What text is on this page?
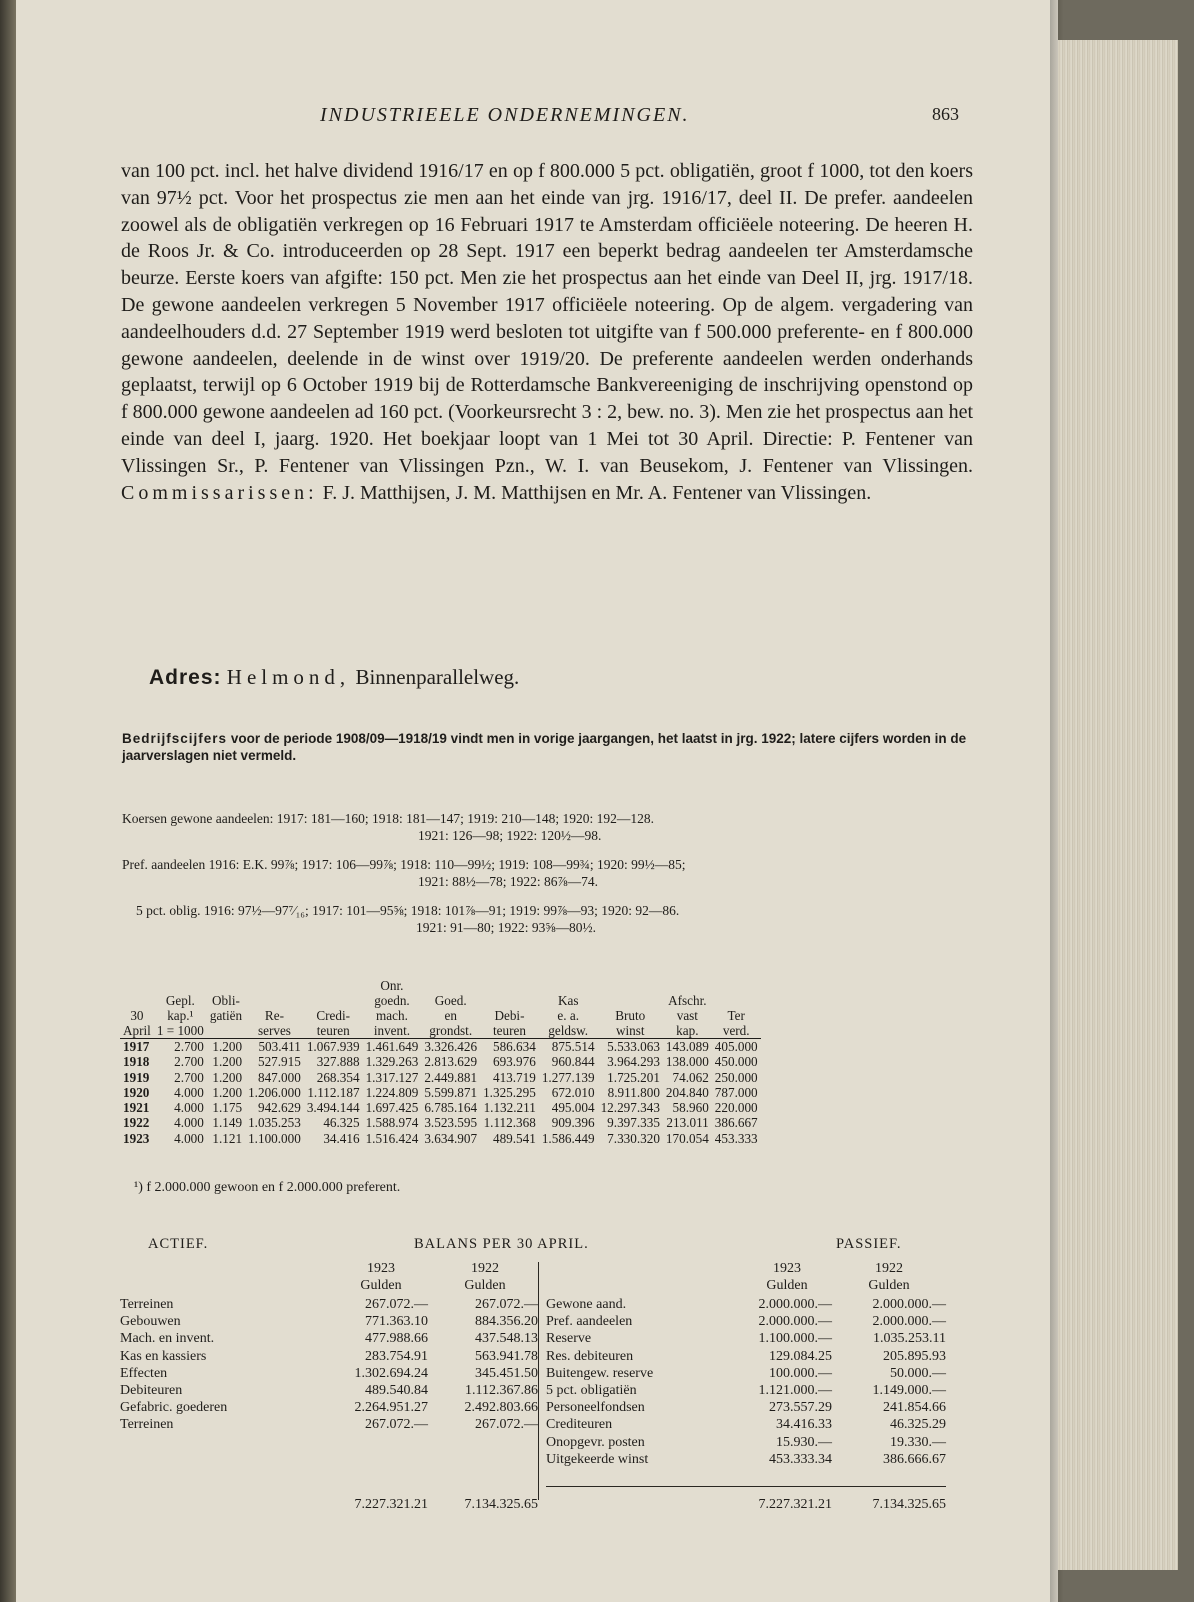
INDUSTRIEELE ONDERNEMINGEN.	863

van 100 pct. incl. het halve dividend 1916/17 en op f 800.000 5 pct. obligatiën, groot f 1000, tot den koers van 97½ pct. Voor het prospectus zie men aan het einde van jrg. 1916/17, deel II. De prefer. aandeelen zoowel als de obligatiën verkregen op 16 Februari 1917 te Amsterdam officiëele noteering. De heeren H. de Roos Jr. & Co. introduceerden op 28 Sept. 1917 een beperkt bedrag aandeelen ter Amsterdamsche beurze. Eerste koers van afgifte: 150 pct. Men zie het prospectus aan het einde van Deel II, jrg. 1917/18. De gewone aandeelen verkregen 5 November 1917 officiëele noteering. Op de algem. vergadering van aandeelhouders d.d. 27 September 1919 werd besloten tot uitgifte van f 500.000 preferente- en f 800.000 gewone aandeelen, deelende in de winst over 1919/20. De preferente aandeelen werden onderhands geplaatst, terwijl op 6 October 1919 bij de Rotterdamsche Bankvereeniging de inschrijving openstond op f 800.000 gewone aandeelen ad 160 pct. (Voorkeursrecht 3 : 2, bew. no. 3). Men zie het prospectus aan het einde van deel I, jaarg. 1920. Het boekjaar loopt van 1 Mei tot 30 April. Directie: P. Fentener van Vlissingen Sr., P. Fentener van Vlissingen Pzn., W. I. van Beusekom, J. Fentener van Vlissingen. Commissarissen: F. J. Matthijsen, J. M. Matthijsen en Mr. A. Fentener van Vlissingen.

Adres: Helmond, Binnenparallelweg.
Bedrijfscijfers voor de periode 1908/09—1918/19 vindt men in vorige jaargangen, het laatst in jrg. 1922; latere cijfers worden in de jaarverslagen niet vermeld.
Koersen gewone aandeelen: 1917: 181—160; 1918: 181—147; 1919: 210—148; 1920: 192—128.
1921: 126—98; 1922: 120½—98.
Pref. aandeelen 1916: E.K. 99⅞; 1917: 106—99⅞; 1918: 110—99½; 1919: 108—99¾; 1920: 99½—85;
1921: 88½—78; 1922: 86⅞—74.
5 pct. oblig. 1916: 97½—97⁷⁄₁₆; 1917: 101—95⅝; 1918: 101⅞—91; 1919: 99⅞—93; 1920: 92—86.
1921: 91—80; 1922: 93⅝—80½.
					Onr.						
	Gepl.	Obli-			goedn.	Goed.		Kas		Afschr.	
30	kap.¹	gatiën	Re-	Credi-	mach.	en	Debi-	e. a.	Bruto	vast	Ter
April	1 = 1000		serves	teuren	invent.	grondst.	teuren	geldsw.	winst	kap.	verd.
1917	2.700	1.200	503.411	1.067.939	1.461.649	3.326.426	586.634	875.514	5.533.063	143.089	405.000
1918	2.700	1.200	527.915	327.888	1.329.263	2.813.629	693.976	960.844	3.964.293	138.000	450.000
1919	2.700	1.200	847.000	268.354	1.317.127	2.449.881	413.719	1.277.139	1.725.201	74.062	250.000
1920	4.000	1.200	1.206.000	1.112.187	1.224.809	5.599.871	1.325.295	672.010	8.911.800	204.840	787.000
1921	4.000	1.175	942.629	3.494.144	1.697.425	6.785.164	1.132.211	495.004	12.297.343	58.960	220.000
1922	4.000	1.149	1.035.253	46.325	1.588.974	3.523.595	1.112.368	909.396	9.397.335	213.011	386.667
1923	4.000	1.121	1.100.000	34.416	1.516.424	3.634.907	489.541	1.586.449	7.330.320	170.054	453.333
¹) f 2.000.000 gewoon en f 2.000.000 preferent.
ACTIEF.	BALANS PER 30 APRIL.	PASSIEF.
1923	1922
Gulden	Gulden
1923	1922
Gulden	Gulden
Terreinen	267.072.—	267.072.—
Gebouwen	771.363.10	884.356.20
Mach. en invent.	477.988.66	437.548.13
Kas en kassiers	283.754.91	563.941.78
Effecten	1.302.694.24	345.451.50
Debiteuren	489.540.84	1.112.367.86
Gefabric. goederen	2.264.951.27	2.492.803.66
Terreinen	267.072.—	267.072.—
Gewone aand.	2.000.000.—	2.000.000.—
Pref. aandeelen	2.000.000.—	2.000.000.—
Reserve	1.100.000.—	1.035.253.11
Res. debiteuren	129.084.25	205.895.93
Buitengew. reserve	100.000.—	50.000.—
5 pct. obligatiën	1.121.000.—	1.149.000.—
Personeelfondsen	273.557.29	241.854.66
Crediteuren	34.416.33	46.325.29
Onopgevr. posten	15.930.—	19.330.—
Uitgekeerde winst	453.333.34	386.666.67
7.227.321.21	7.134.325.65	7.227.321.21	7.134.325.65
